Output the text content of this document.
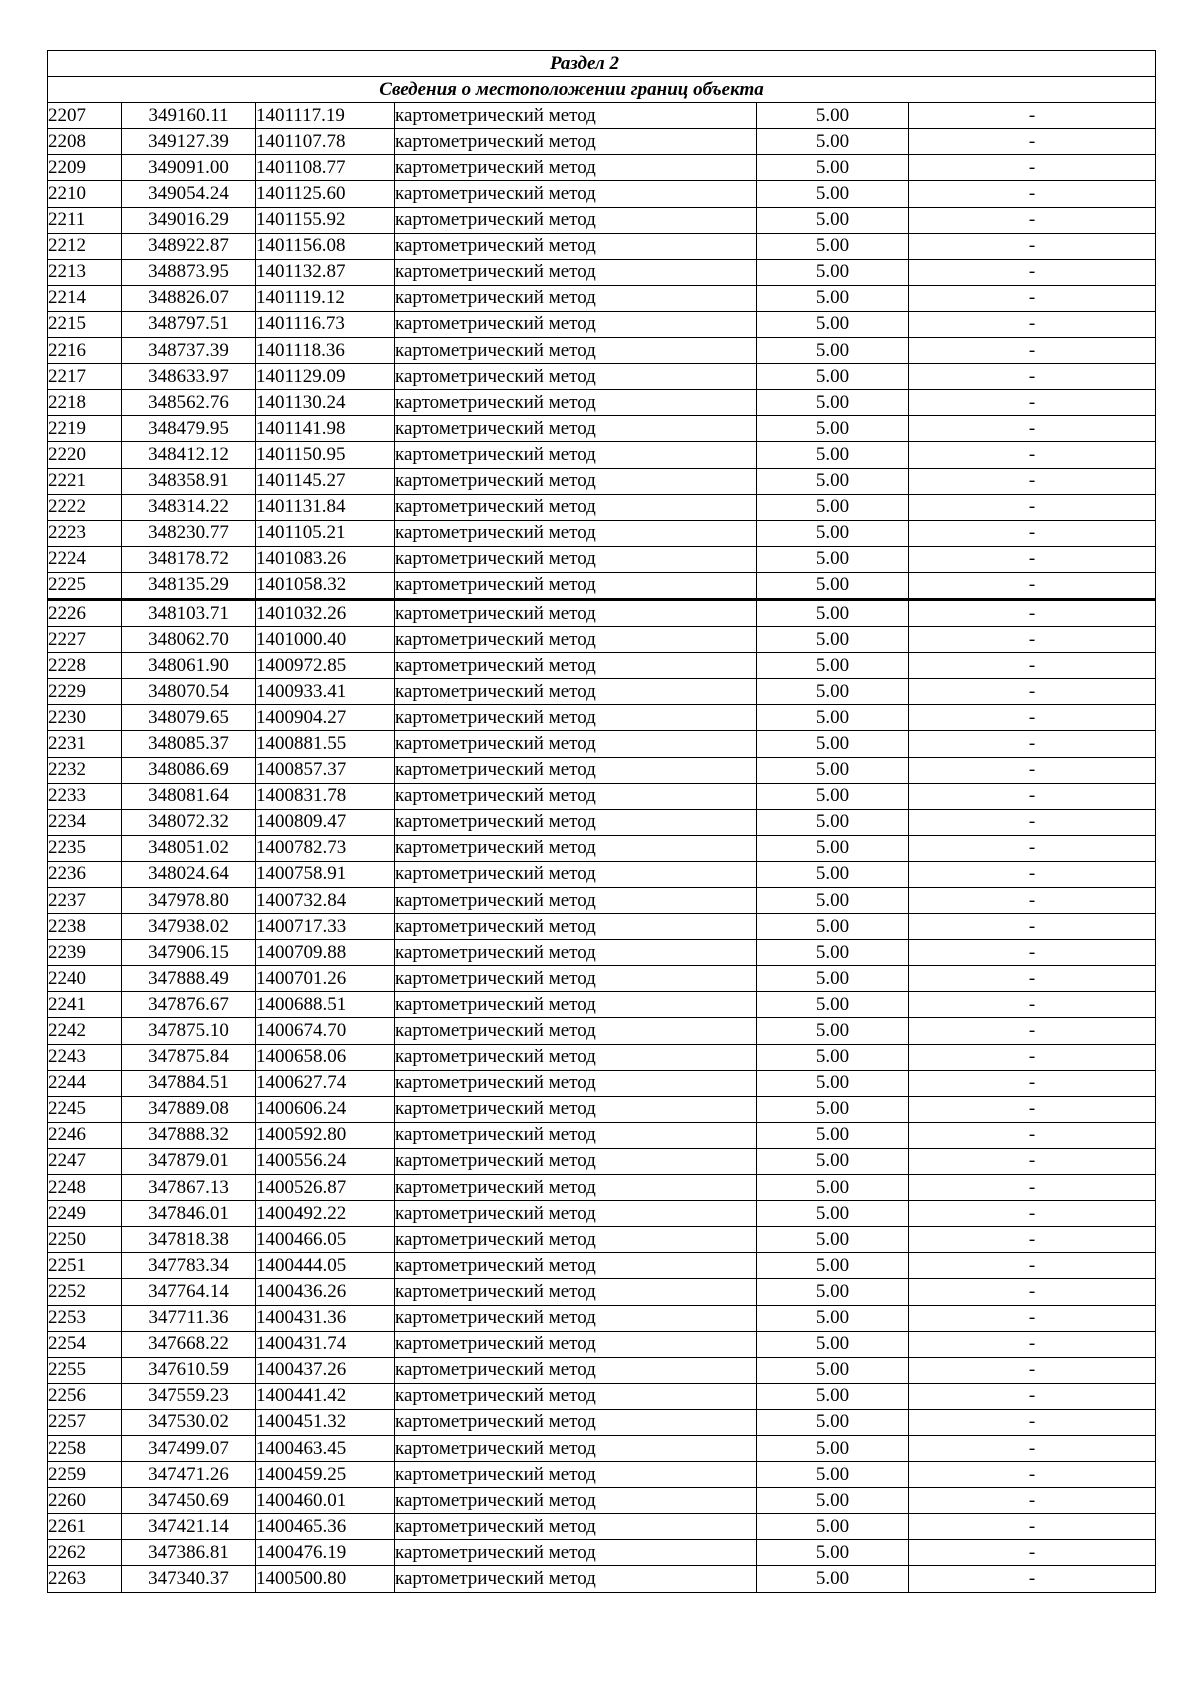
Раздел 2					
Сведения о местоположении границ объекта					
2207	349160.11	1401117.19	картометрический метод	5.00	-
2208	349127.39	1401107.78	картометрический метод	5.00	-
2209	349091.00	1401108.77	картометрический метод	5.00	-
2210	349054.24	1401125.60	картометрический метод	5.00	-
2211	349016.29	1401155.92	картометрический метод	5.00	-
2212	348922.87	1401156.08	картометрический метод	5.00	-
2213	348873.95	1401132.87	картометрический метод	5.00	-
2214	348826.07	1401119.12	картометрический метод	5.00	-
2215	348797.51	1401116.73	картометрический метод	5.00	-
2216	348737.39	1401118.36	картометрический метод	5.00	-
2217	348633.97	1401129.09	картометрический метод	5.00	-
2218	348562.76	1401130.24	картометрический метод	5.00	-
2219	348479.95	1401141.98	картометрический метод	5.00	-
2220	348412.12	1401150.95	картометрический метод	5.00	-
2221	348358.91	1401145.27	картометрический метод	5.00	-
2222	348314.22	1401131.84	картометрический метод	5.00	-
2223	348230.77	1401105.21	картометрический метод	5.00	-
2224	348178.72	1401083.26	картометрический метод	5.00	-
2225	348135.29	1401058.32	картометрический метод	5.00	-
2226	348103.71	1401032.26	картометрический метод	5.00	-
2227	348062.70	1401000.40	картометрический метод	5.00	-
2228	348061.90	1400972.85	картометрический метод	5.00	-
2229	348070.54	1400933.41	картометрический метод	5.00	-
2230	348079.65	1400904.27	картометрический метод	5.00	-
2231	348085.37	1400881.55	картометрический метод	5.00	-
2232	348086.69	1400857.37	картометрический метод	5.00	-
2233	348081.64	1400831.78	картометрический метод	5.00	-
2234	348072.32	1400809.47	картометрический метод	5.00	-
2235	348051.02	1400782.73	картометрический метод	5.00	-
2236	348024.64	1400758.91	картометрический метод	5.00	-
2237	347978.80	1400732.84	картометрический метод	5.00	-
2238	347938.02	1400717.33	картометрический метод	5.00	-
2239	347906.15	1400709.88	картометрический метод	5.00	-
2240	347888.49	1400701.26	картометрический метод	5.00	-
2241	347876.67	1400688.51	картометрический метод	5.00	-
2242	347875.10	1400674.70	картометрический метод	5.00	-
2243	347875.84	1400658.06	картометрический метод	5.00	-
2244	347884.51	1400627.74	картометрический метод	5.00	-
2245	347889.08	1400606.24	картометрический метод	5.00	-
2246	347888.32	1400592.80	картометрический метод	5.00	-
2247	347879.01	1400556.24	картометрический метод	5.00	-
2248	347867.13	1400526.87	картометрический метод	5.00	-
2249	347846.01	1400492.22	картометрический метод	5.00	-
2250	347818.38	1400466.05	картометрический метод	5.00	-
2251	347783.34	1400444.05	картометрический метод	5.00	-
2252	347764.14	1400436.26	картометрический метод	5.00	-
2253	347711.36	1400431.36	картометрический метод	5.00	-
2254	347668.22	1400431.74	картометрический метод	5.00	-
2255	347610.59	1400437.26	картометрический метод	5.00	-
2256	347559.23	1400441.42	картометрический метод	5.00	-
2257	347530.02	1400451.32	картометрический метод	5.00	-
2258	347499.07	1400463.45	картометрический метод	5.00	-
2259	347471.26	1400459.25	картометрический метод	5.00	-
2260	347450.69	1400460.01	картометрический метод	5.00	-
2261	347421.14	1400465.36	картометрический метод	5.00	-
2262	347386.81	1400476.19	картометрический метод	5.00	-
2263	347340.37	1400500.80	картометрический метод	5.00	-
